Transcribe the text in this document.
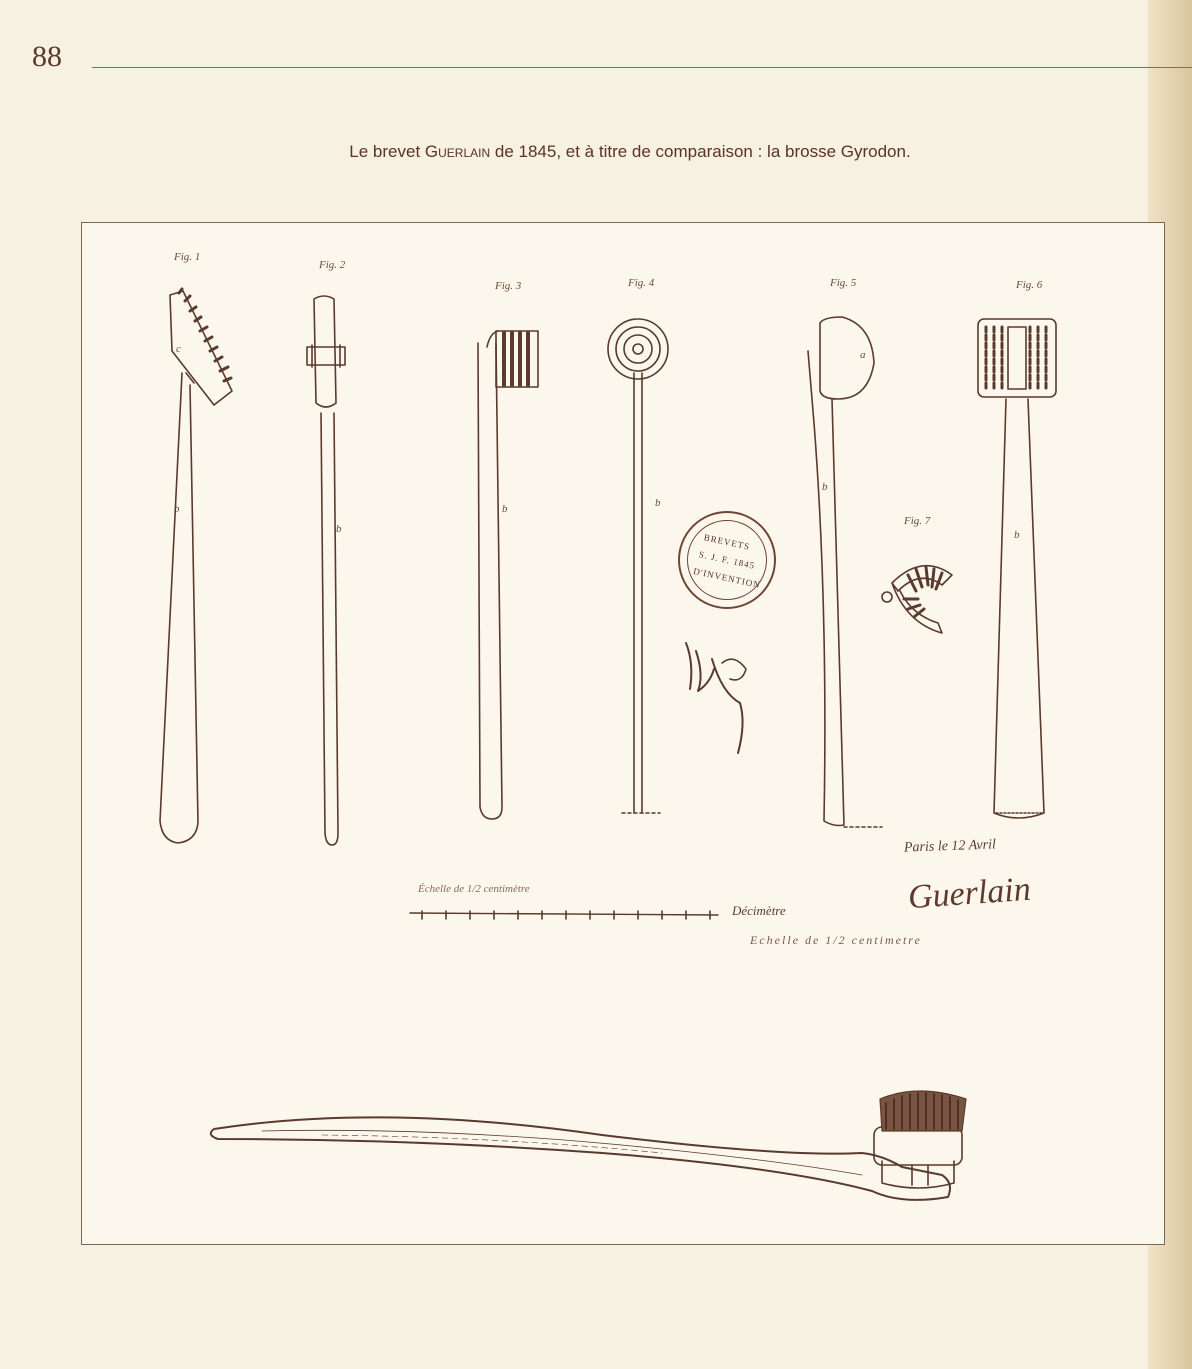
88
Le brevet Guerlain de 1845, et à titre de comparaison : la brosse Gyrodon.
Fig. 1
Fig. 2
Fig. 3	Fig. 4	Fig. 5	Fig. 6
Fig. 7
b
b
b	b
b
b
a
c
BREVETS
S. J. F. 1845
D'INVENTION
Paris le 12 Avril
Échelle de 1/2 centimètre
Décimètre	Guerlain
Echelle de 1/2 centimetre
